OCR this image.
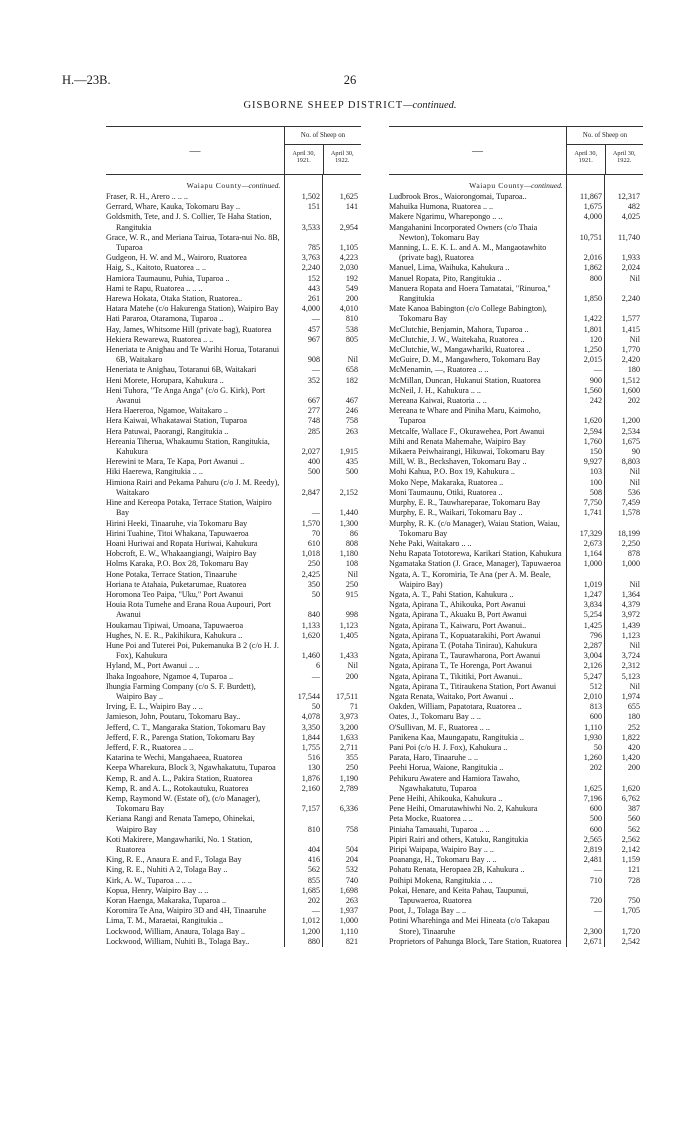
H.—23B.	26
GISBORNE SHEEP DISTRICT—continued.
—
No. of Sheep on
April 30,
1921.
April 30,
1922.
Waiapu County—continued.
Fraser, R. H., Arero .. .. ..	1,502	1,625
Gerrard, Whare, Kauka, Tokomaru Bay ..	151	141
Goldsmith, Tete, and J. S. Collier, Te Haha Station, Rangitukia	3,533	2,954
Grace, W. R., and Meriana Tairua, Totara-nui No. 8B, Tuparoa	785	1,105
Gudgeon, H. W. and M., Wairoro, Ruatorea	3,763	4,223
Haig, S., Kaitoto, Ruatorea .. ..	2,240	2,030
Hamiora Taumaunu, Puhia, Tuparoa ..	152	192
Hami te Rapu, Ruatorea .. .. ..	443	549
Harewa Hokata, Otaka Station, Ruatorea..	261	200
Hatara Matehe (c/o Hakurenga Station), Waipiro Bay	4,000	4,010
Hati Pararoa, Otaramona, Tuparoa ..	—	810
Hay, James, Whitsome Hill (private bag), Ruatorea	457	538
Hekiera Rewarewa, Ruatorea .. ..	967	805
Heneriata te Anighau and Te Warihi Horua, Totaranui 6B, Waitakaro	908	Nil
Heneriata te Anighau, Totaranui 6B, Waitakari	—	658
Heni Morete, Horupara, Kahukura ..	352	182
Heni Tuhora, "Te Anga Anga" (c/o G. Kirk), Port Awanui	667	467
Hera Haereroa, Ngamoe, Waitakaro ..	277	246
Hera Kaiwai, Whakatawai Station, Tuparoa	748	758
Hera Patuwai, Paorangi, Rangitukia ..	285	263
Hereania Tiherua, Whakaumu Station, Rangitukia, Kahukura	2,027	1,915
Herewini te Mara, Te Kapa, Port Awanui ..	400	435
Hiki Haerewa, Rangitukia .. ..	500	500
Himiona Rairi and Pekama Pahuru (c/o J. M. Reedy), Waitakaro	2,847	2,152
Hine and Kereopa Potaka, Terrace Station, Waipiro Bay	—	1,440
Hirini Heeki, Tinaaruhe, via Tokomaru Bay	1,570	1,300
Hirini Tuahine, Titoi Whakana, Tapuwaeroa	70	86
Hoani Huriwai and Ropata Huriwai, Kahukura	610	808
Hobcroft, E. W., Whakaangiangi, Waipiro Bay	1,018	1,180
Holms Karaka, P.O. Box 28, Tokomaru Bay	250	108
Hone Potaka, Terrace Station, Tinaaruhe	2,425	Nil
Horiana te Atahaia, Puketarumae, Ruatorea	350	250
Horomona Teo Paipa, "Uku," Port Awanui	50	915
Houia Rota Tumehe and Erana Roua Aupouri, Port Awanui	840	998
Houkamau Tipiwai, Umoana, Tapuwaeroa	1,133	1,123
Hughes, N. E. R., Pakihikura, Kahukura ..	1,620	1,405
Hune Poi and Tuterei Poi, Pukemanuka B 2 (c/o H. J. Fox), Kahukura	1,460	1,433
Hyland, M., Port Awanui .. ..	6	Nil
Ihaka Ingoahore, Ngamoe 4, Tuparoa ..	—	200
Ihungia Farming Company (c/o S. F. Burdett), Waipiro Bay ..	17,544	17,511
Irving, E. L., Waipiro Bay .. ..	50	71
Jamieson, John, Poutaru, Tokomaru Bay..	4,078	3,973
Jefferd, C. T., Mangaraka Station, Tokomaru Bay	3,350	3,200
Jefferd, F. R., Parenga Station, Tokomaru Bay	1,844	1,633
Jefferd, F. R., Ruatorea .. ..	1,755	2,711
Katarina te Wechi, Mangahaeea, Ruatorea	516	355
Keepa Wharekura, Block 3, Ngawhakatutu, Tuparoa	130	250
Kemp, R. and A. L., Pakira Station, Ruatorea	1,876	1,190
Kemp, R. and A. L., Rotokautuku, Ruatorea	2,160	2,789
Kemp, Raymond W. (Estate of), (c/o Manager), Tokomaru Bay	7,157	6,336
Keriana Rangi and Renata Tamepo, Ohinekai, Waipiro Bay	810	758
Koti Makirere, Mangawhariki, No. 1 Station, Ruatorea	404	504
King, R. E., Anaura E. and F., Tolaga Bay	416	204
King, R. E., Nuhiti A 2, Tolaga Bay ..	562	532
Kirk, A. W., Tuparoa .. .. ..	855	740
Kopua, Henry, Waipiro Bay .. ..	1,685	1,698
Koran Haenga, Makaraka, Tuparoa ..	202	263
Koromira Te Ana, Waipiro 3D and 4H, Tinaaruhe	—	1,937
Lima, T. M., Maraetai, Rangitukia ..	1,012	1,000
Lockwood, William, Anaura, Tolaga Bay ..	1,200	1,110
Lockwood, William, Nuhiti B., Tolaga Bay..	880	821
—
No. of Sheep on
April 30,
1921.
April 30,
1922.
Waiapu County—continued.
Ludbrook Bros., Waiorongomai, Tuparoa..	11,867	12,317
Mahuika Humona, Ruatorea .. ..	1,675	482
Makere Ngarimu, Wharepongo .. ..	4,000	4,025
Mangahanini Incorporated Owners (c/o Thaia Newton), Tokomaru Bay	10,751	11,740
Manning, L. E. K. L. and A. M., Mangaotawhito (private bag), Ruatorea	2,016	1,933
Manuel, Lima, Waihuka, Kahukura ..	1,862	2,024
Manuel Ropata, Pito, Rangitukia ..	800	Nil
Manuera Ropata and Hoera Tamatatai, "Rinuroa," Rangitukia	1,850	2,240
Mate Kanoa Babington (c/o College Babington), Tokomaru Bay	1,422	1,577
McClutchie, Benjamin, Mahora, Tuparoa ..	1,801	1,415
McClutchie, J. W., Waitekaha, Ruatorea ..	120	Nil
McClutchie, W., Mangawhariki, Ruatorea ..	1,250	1,770
McGuire, D. M., Mangawhero, Tokomaru Bay	2,015	2,420
McMenamin, —, Ruatorea .. ..	—	180
McMillan, Duncan, Hukanui Station, Ruatorea	900	1,512
McNeil, J. H., Kahukura .. ..	1,560	1,600
Mereana Kaiwai, Ruatoria .. ..	242	202
Mereana te Whare and Piniha Maru, Kaimoho, Tuparoa	1,620	1,200
Metcalfe, Wallace F., Okurawehea, Port Awanui	2,594	2,534
Mihi and Renata Mahemahe, Waipiro Bay	1,760	1,675
Mikaera Peiwhairangi, Hikuwai, Tokomaru Bay	150	90
Mill, W. B., Beckshaven, Tokomaru Bay ..	9,927	8,803
Mohi Kahua, P.O. Box 19, Kahukura ..	103	Nil
Moko Nepe, Makaraka, Ruatorea ..	100	Nil
Moni Taumaunu, Otiki, Ruatorea ..	508	536
Murphy, E. R., Tauwhareparae, Tokomaru Bay	7,750	7,459
Murphy, E. R., Waikari, Tokomaru Bay ..	1,741	1,578
Murphy, R. K. (c/o Manager), Waiau Station, Waiau, Tokomaru Bay	17,329	18,199
Nehe Paki, Waitakaro .. ..	2,673	2,250
Nehu Rapata Tototorewa, Karikari Station, Kahukura	1,164	878
Ngamataka Station (J. Grace, Manager), Tapuwaeroa	1,000	1,000
Ngata, A. T., Koromiria, Te Ana (per A. M. Beale, Waipiro Bay)	1,019	Nil
Ngata, A. T., Pahi Station, Kahukura ..	1,247	1,364
Ngata, Apirana T., Ahikouka, Port Awanui	3,834	4,379
Ngata, Apirana T., Akuaku B, Port Awanui	5,254	3,972
Ngata, Apirana T., Kaiwaru, Port Awanui..	1,425	1,439
Ngata, Apirana T., Kopuatarakihi, Port Awanui	796	1,123
Ngata, Apirana T. (Potaha Tinirau), Kahukura	2,287	Nil
Ngata, Apirana T., Taurawharona, Port Awanui	3,004	3,724
Ngata, Apirana T., Te Horenga, Port Awanui	2,126	2,312
Ngata, Apirana T., Tikitiki, Port Awanui..	5,247	5,123
Ngata, Apirana T., Titiraukena Station, Port Awanui	512	Nil
Ngata Renata, Waitako, Port Awanui ..	2,010	1,974
Oakden, William, Papatotara, Ruatorea ..	813	655
Oates, J., Tokomaru Bay .. ..	600	180
O'Sullivan, M. F., Ruatorea .. ..	1,110	252
Panikena Kaa, Maungapatu, Rangitukia ..	1,930	1,822
Pani Poi (c/o H. J. Fox), Kahukura ..	50	420
Parata, Haro, Tinaaruhe .. ..	1,260	1,420
Peehi Horua, Waione, Rangitukia ..	202	200
Pehikuru Awatere and Hamiora Tawaho, Ngawhakatutu, Tuparoa	1,625	1,620
Pene Heihi, Ahikouka, Kahukura ..	7,196	6,762
Pene Heihi, Omarutawhiwhi No. 2, Kahukura	600	387
Peta Mocke, Ruatorea .. ..	500	560
Piniaha Tamauahi, Tuparoa .. ..	600	562
Pipiri Rairi and others, Katuku, Rangitukia	2,565	2,562
Piripi Waipapa, Waipiro Bay .. ..	2,819	2,142
Poananga, H., Tokomaru Bay .. ..	2,481	1,159
Pohatu Renata, Heropaea 2B, Kahukura ..	—	121
Poihipi Mokena, Rangitukia .. ..	710	728
Pokai, Henare, and Keita Pahau, Taupunui, Tapuwaeroa, Ruatorea	720	750
Poot, J., Tolaga Bay .. ..	—	1,705
Potini Wharehinga and Mei Hineata (c/o Takapau Store), Tinaaruhe	2,300	1,720
Proprietors of Pahunga Block, Tare Station, Ruatorea	2,671	2,542
